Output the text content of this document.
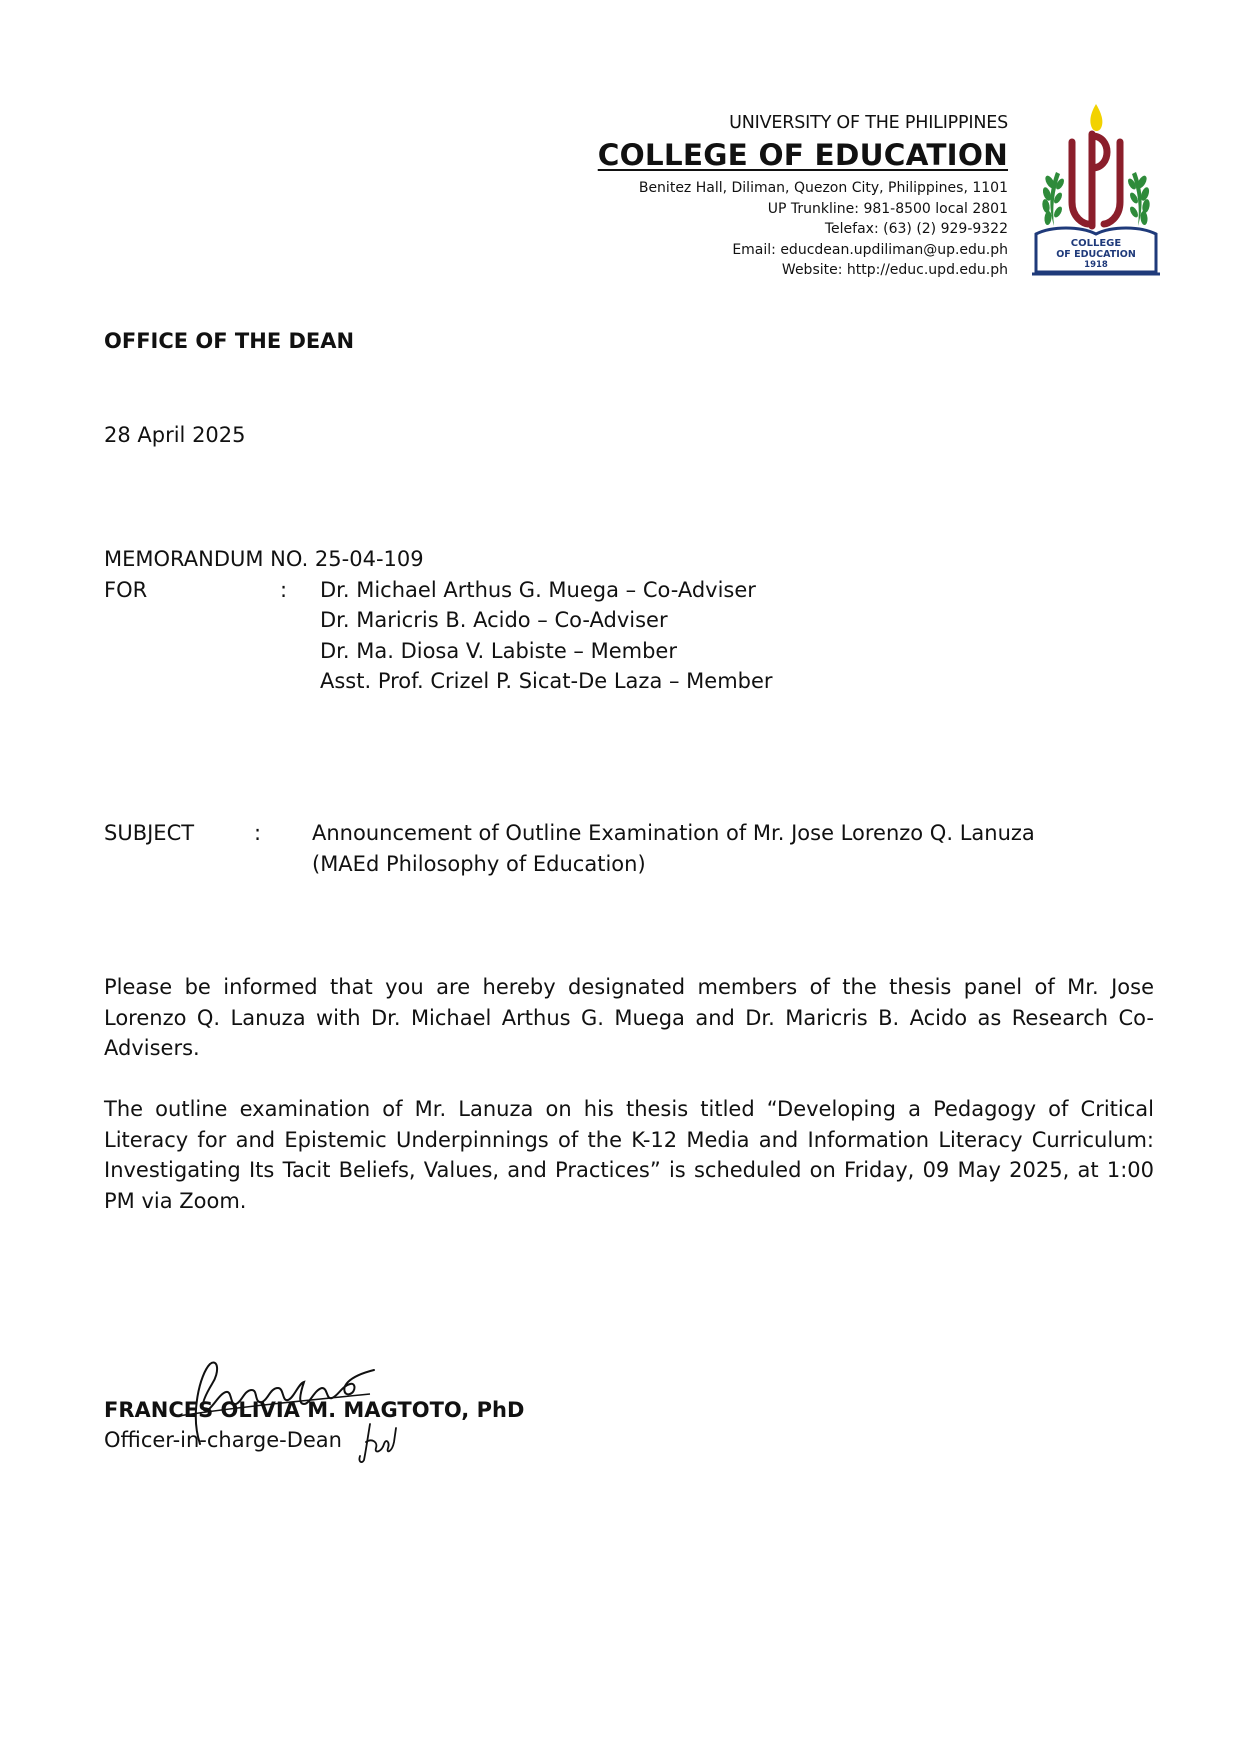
UNIVERSITY OF THE PHILIPPINES
COLLEGE OF EDUCATION
Benitez Hall, Diliman, Quezon City, Philippines, 1101
UP Trunkline: 981-8500 local 2801
Telefax: (63) (2) 929-9322
Email: educdean.updiliman@up.edu.ph
Website: http://educ.upd.edu.ph
COLLEGE
OF EDUCATION
1918
OFFICE OF THE DEAN
28 April 2025
MEMORANDUM NO. 25-04-109
FOR	:	Dr. Michael Arthus G. Muega – Co-Adviser
Dr. Maricris B. Acido – Co-Adviser
Dr. Ma. Diosa V. Labiste – Member
Asst. Prof. Crizel P. Sicat-De Laza – Member
SUBJECT	:	Announcement of Outline Examination of Mr. Jose Lorenzo Q. Lanuza
(MAEd Philosophy of Education)
Please be informed that you are hereby designated members of the thesis panel of Mr. Jose Lorenzo Q. Lanuza with Dr. Michael Arthus G. Muega and Dr. Maricris B. Acido as Research Co-Advisers.
The outline examination of Mr. Lanuza on his thesis titled “Developing a Pedagogy of Critical Literacy for and Epistemic Underpinnings of the K-12 Media and Information Literacy Curriculum: Investigating Its Tacit Beliefs, Values, and Practices” is scheduled on Friday, 09 May 2025, at 1:00 PM via Zoom.
FRANCES OLIVIA M. MAGTOTO, PhD
Officer-in-charge-Dean
